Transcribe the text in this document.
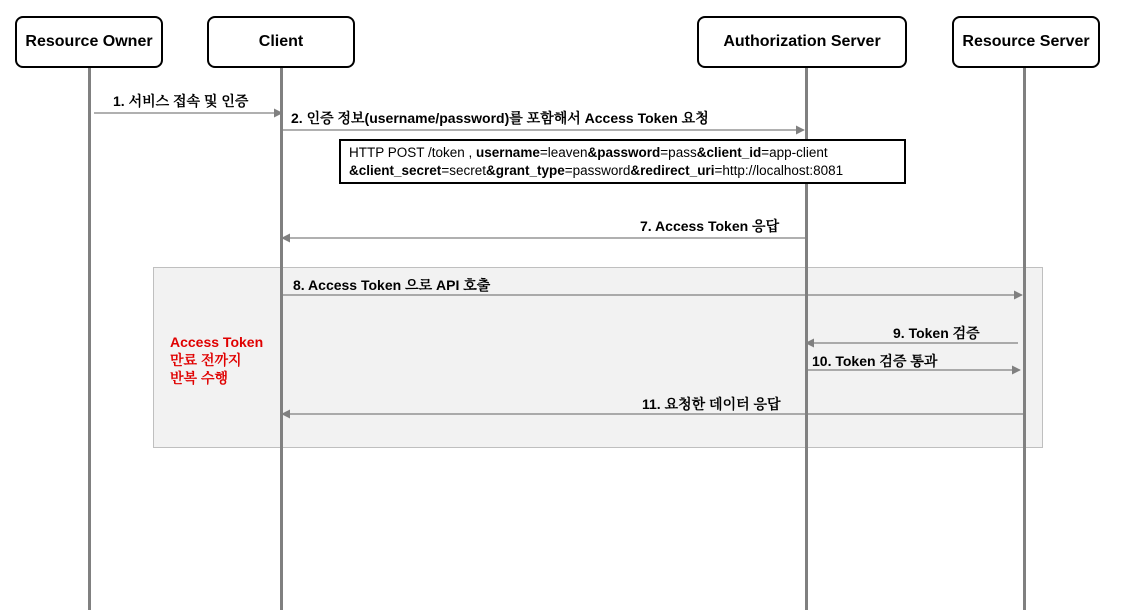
Access Token
만료 전까지
반복 수행
Resource Owner	Client	Authorization Server	Resource Server
1. 서비스 접속 및 인증
2. 인증 정보(username/password)를 포함해서 Access Token 요청
7. Access Token 응답
8. Access Token 으로 API 호출
9. Token 검증
10. Token 검증 통과
11. 요청한 데이터 응답
HTTP POST /token , username=leaven&password=pass&client_id=app-client
&client_secret=secret&grant_type=password&redirect_uri=http://localhost:8081
